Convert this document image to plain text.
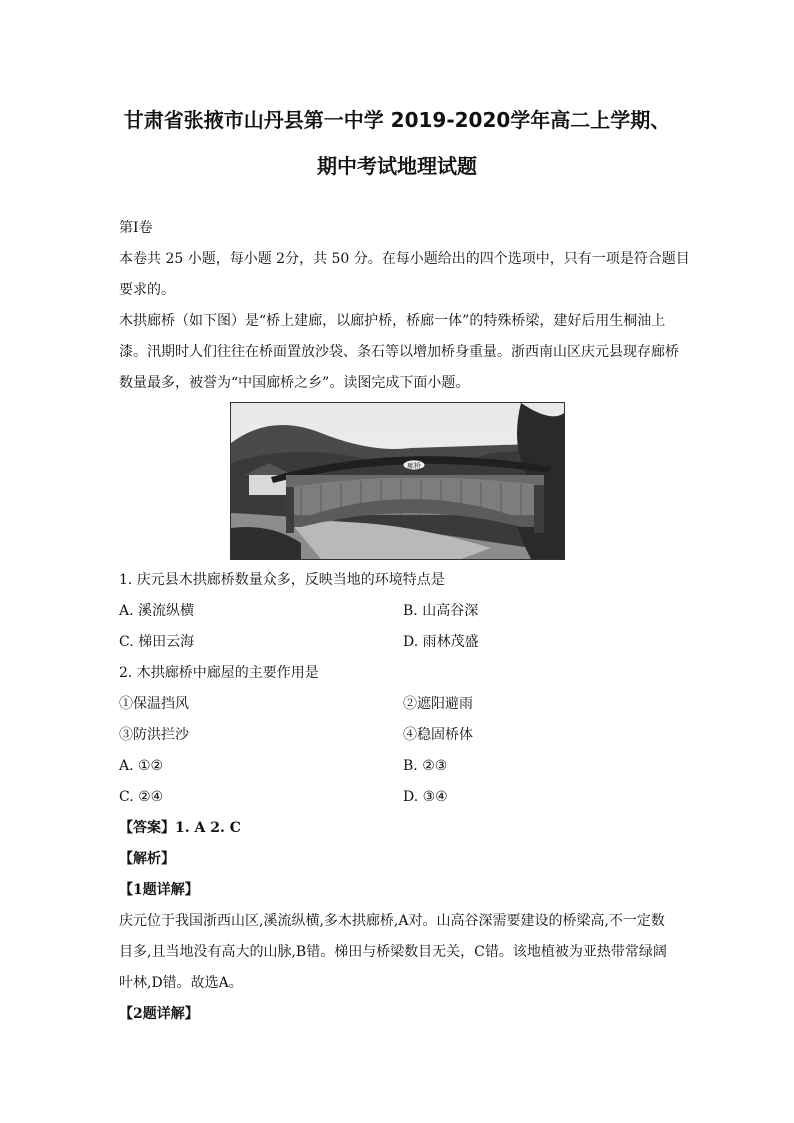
甘肃省张掖市山丹县第一中学 2019-2020学年高二上学期、
期中考试地理试题
第Ⅰ卷
本卷共 25 小题，每小题 2分，共 50 分。在每小题给出的四个选项中，只有一项是符合题目
要求的。
木拱廊桥（如下图）是“桥上建廊，以廊护桥，桥廊一体”的特殊桥梁，建好后用生桐油上
漆。汛期时人们往往在桥面置放沙袋、条石等以增加桥身重量。浙西南山区庆元县现存廊桥
数量最多，被誉为“中国廊桥之乡”。读图完成下面小题。
廊桥
1. 庆元县木拱廊桥数量众多，反映当地的环境特点是
A. 溪流纵横	B. 山高谷深
C. 梯田云海	D. 雨林茂盛
2. 木拱廊桥中廊屋的主要作用是
①保温挡风	②遮阳避雨
③防洪拦沙	④稳固桥体
A. ①②	B. ②③
C. ②④	D. ③④
【答案】1. A 2. C
【解析】
【1题详解】
庆元位于我国浙西山区,溪流纵横,多木拱廊桥,A对。山高谷深需要建设的桥梁高,不一定数
目多,且当地没有高大的山脉,B错。梯田与桥梁数目无关，C错。该地植被为亚热带常绿阔
叶林,D错。故选A。
【2题详解】
